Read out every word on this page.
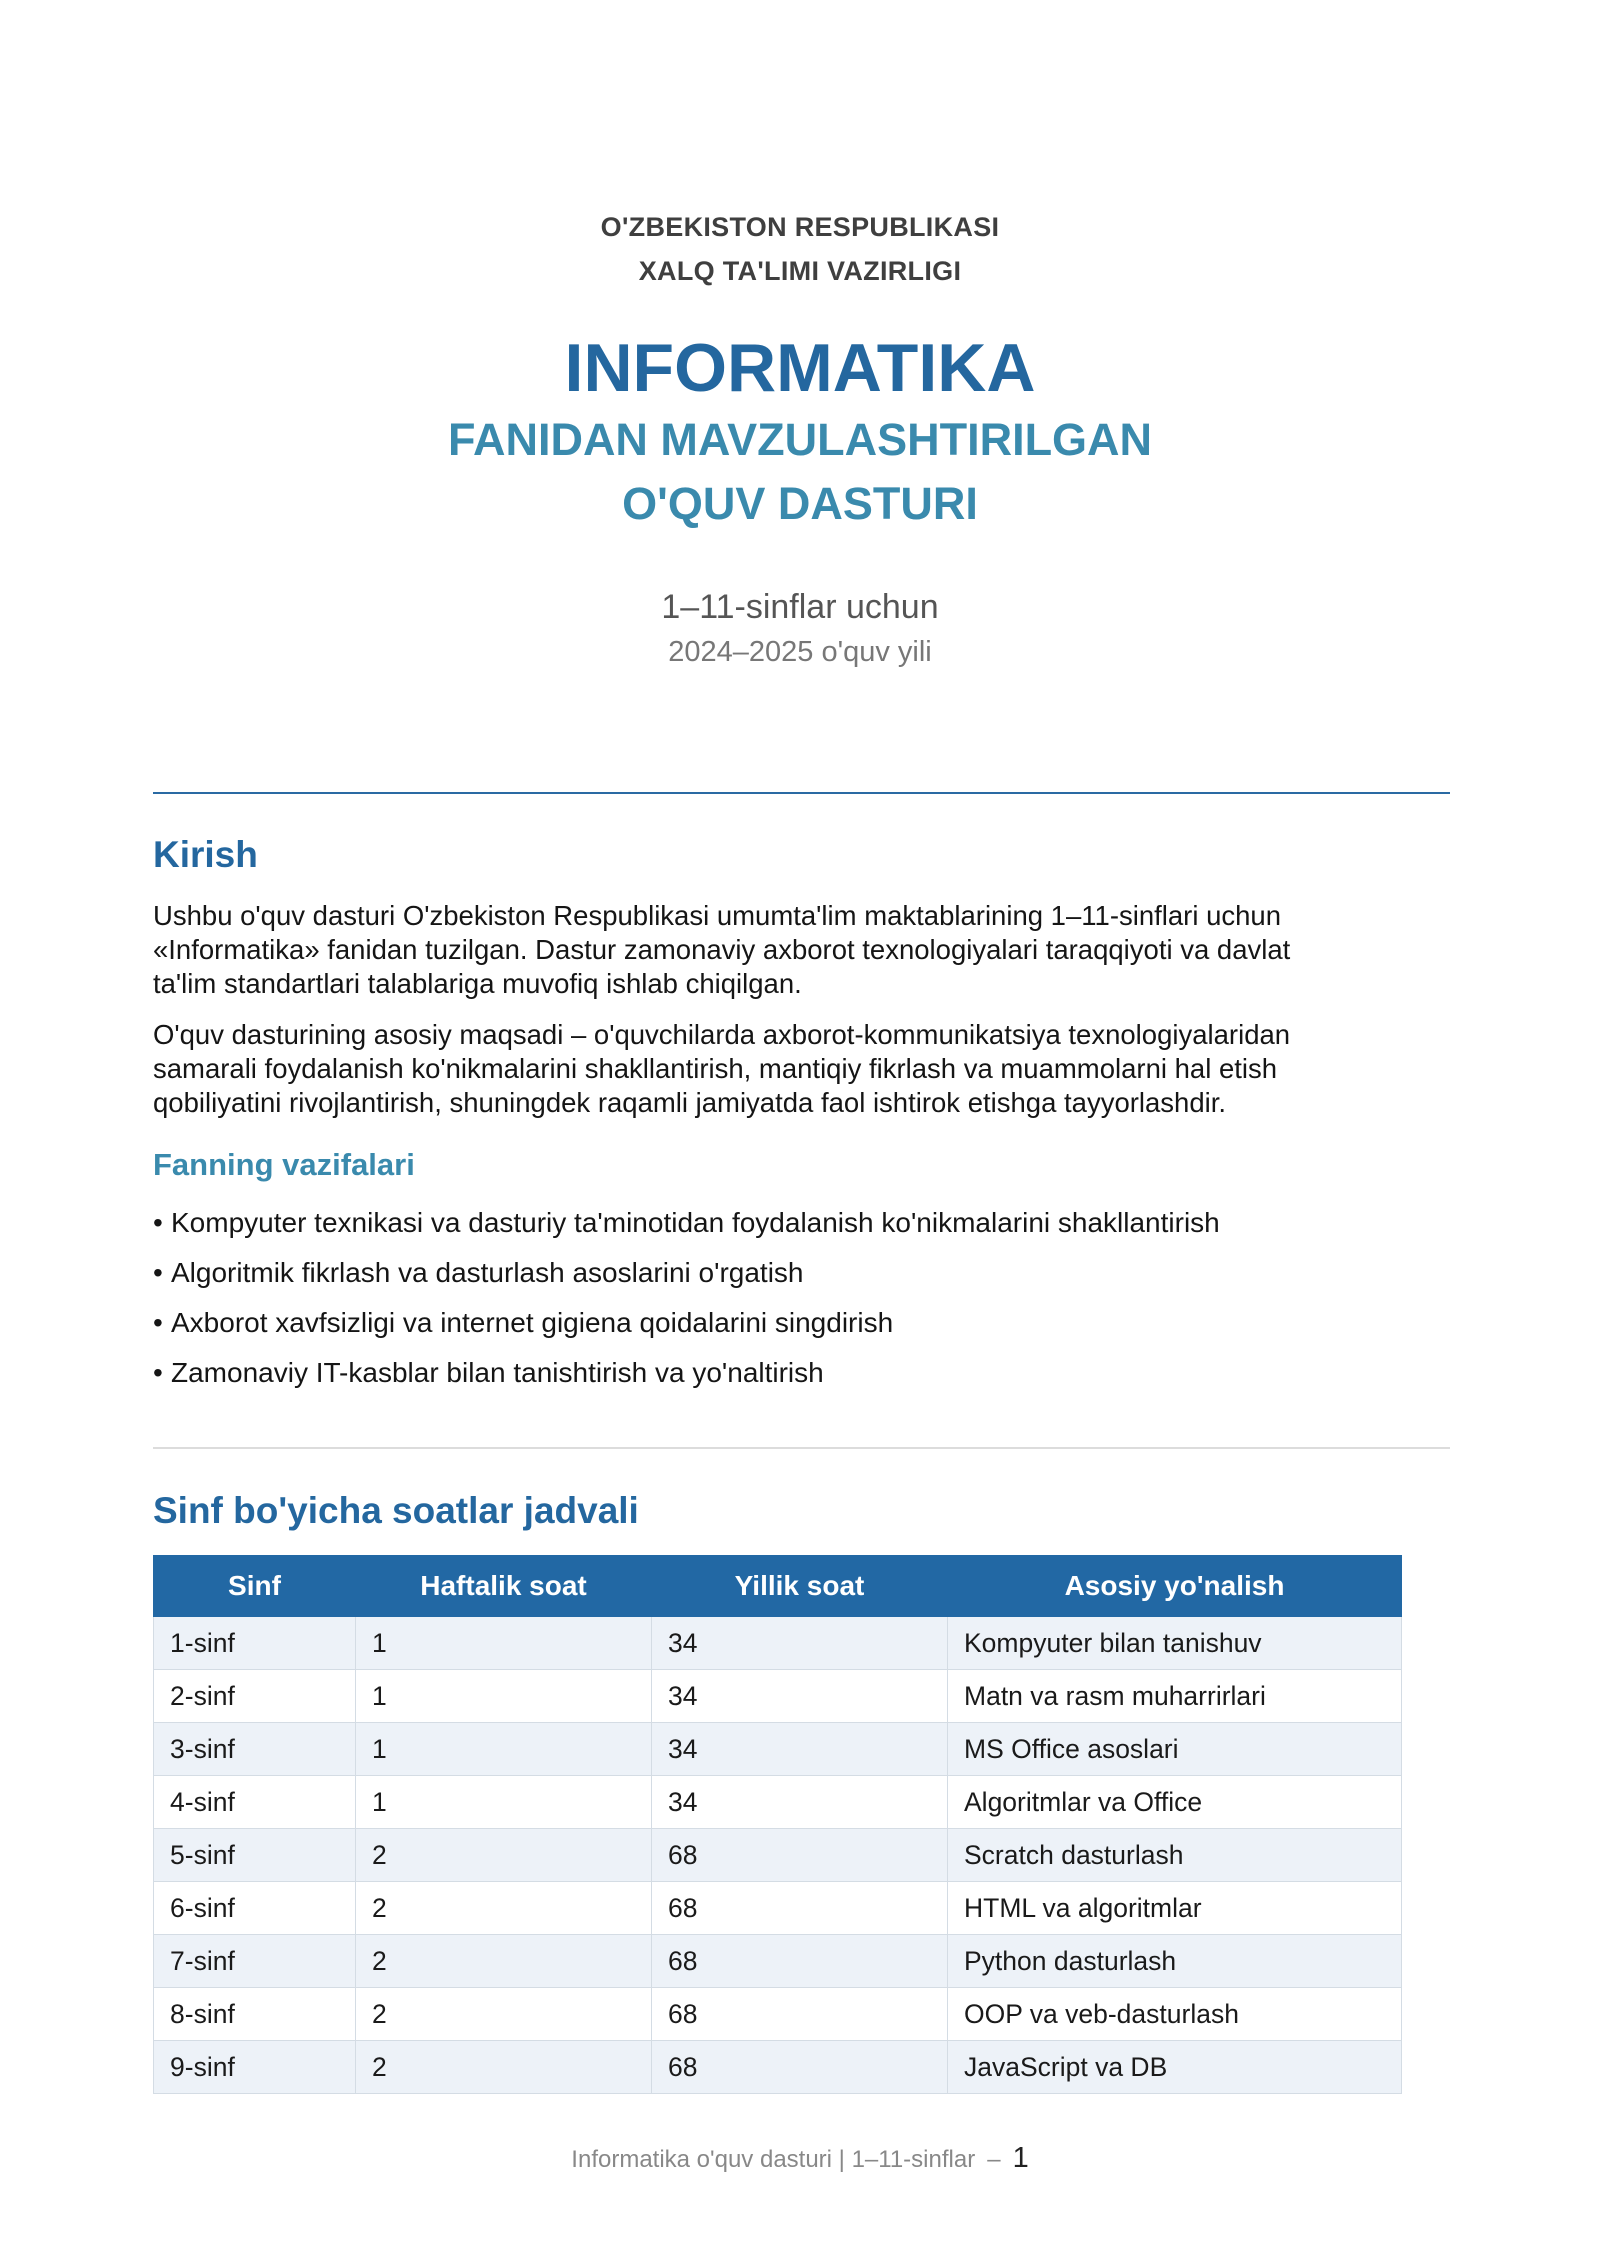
O'ZBEKISTON RESPUBLIKASI
XALQ TA'LIMI VAZIRLIGI
INFORMATIKA
FANIDAN MAVZULASHTIRILGAN
O'QUV DASTURI
1–11-sinflar uchun
2024–2025 o'quv yili
Kirish

Ushbu o'quv dasturi O'zbekiston Respublikasi umumta'lim maktablarining 1–11-sinflari uchun

«Informatika» fanidan tuzilgan. Dastur zamonaviy axborot texnologiyalari taraqqiyoti va davlat

ta'lim standartlari talablariga muvofiq ishlab chiqilgan.

O'quv dasturining asosiy maqsadi – o'quvchilarda axborot-kommunikatsiya texnologiyalaridan

samarali foydalanish ko'nikmalarini shakllantirish, mantiqiy fikrlash va muammolarni hal etish

qobiliyatini rivojlantirish, shuningdek raqamli jamiyatda faol ishtirok etishga tayyorlashdir.

Fanning vazifalari
• Kompyuter texnikasi va dasturiy ta'minotidan foydalanish ko'nikmalarini shakllantirish
• Algoritmik fikrlash va dasturlash asoslarini o'rgatish
• Axborot xavfsizligi va internet gigiena qoidalarini singdirish
• Zamonaviy IT-kasblar bilan tanishtirish va yo'naltirish
Sinf bo'yicha soatlar jadvali
Sinf	Haftalik soat	Yillik soat	Asosiy yo'nalish
1-sinf	1	34	Kompyuter bilan tanishuv
2-sinf	1	34	Matn va rasm muharrirlari
3-sinf	1	34	MS Office asoslari
4-sinf	1	34	Algoritmlar va Office
5-sinf	2	68	Scratch dasturlash
6-sinf	2	68	HTML va algoritmlar
7-sinf	2	68	Python dasturlash
8-sinf	2	68	OOP va veb-dasturlash
9-sinf	2	68	JavaScript va DB
Informatika o'quv dasturi | 1–11-sinflar – 1
